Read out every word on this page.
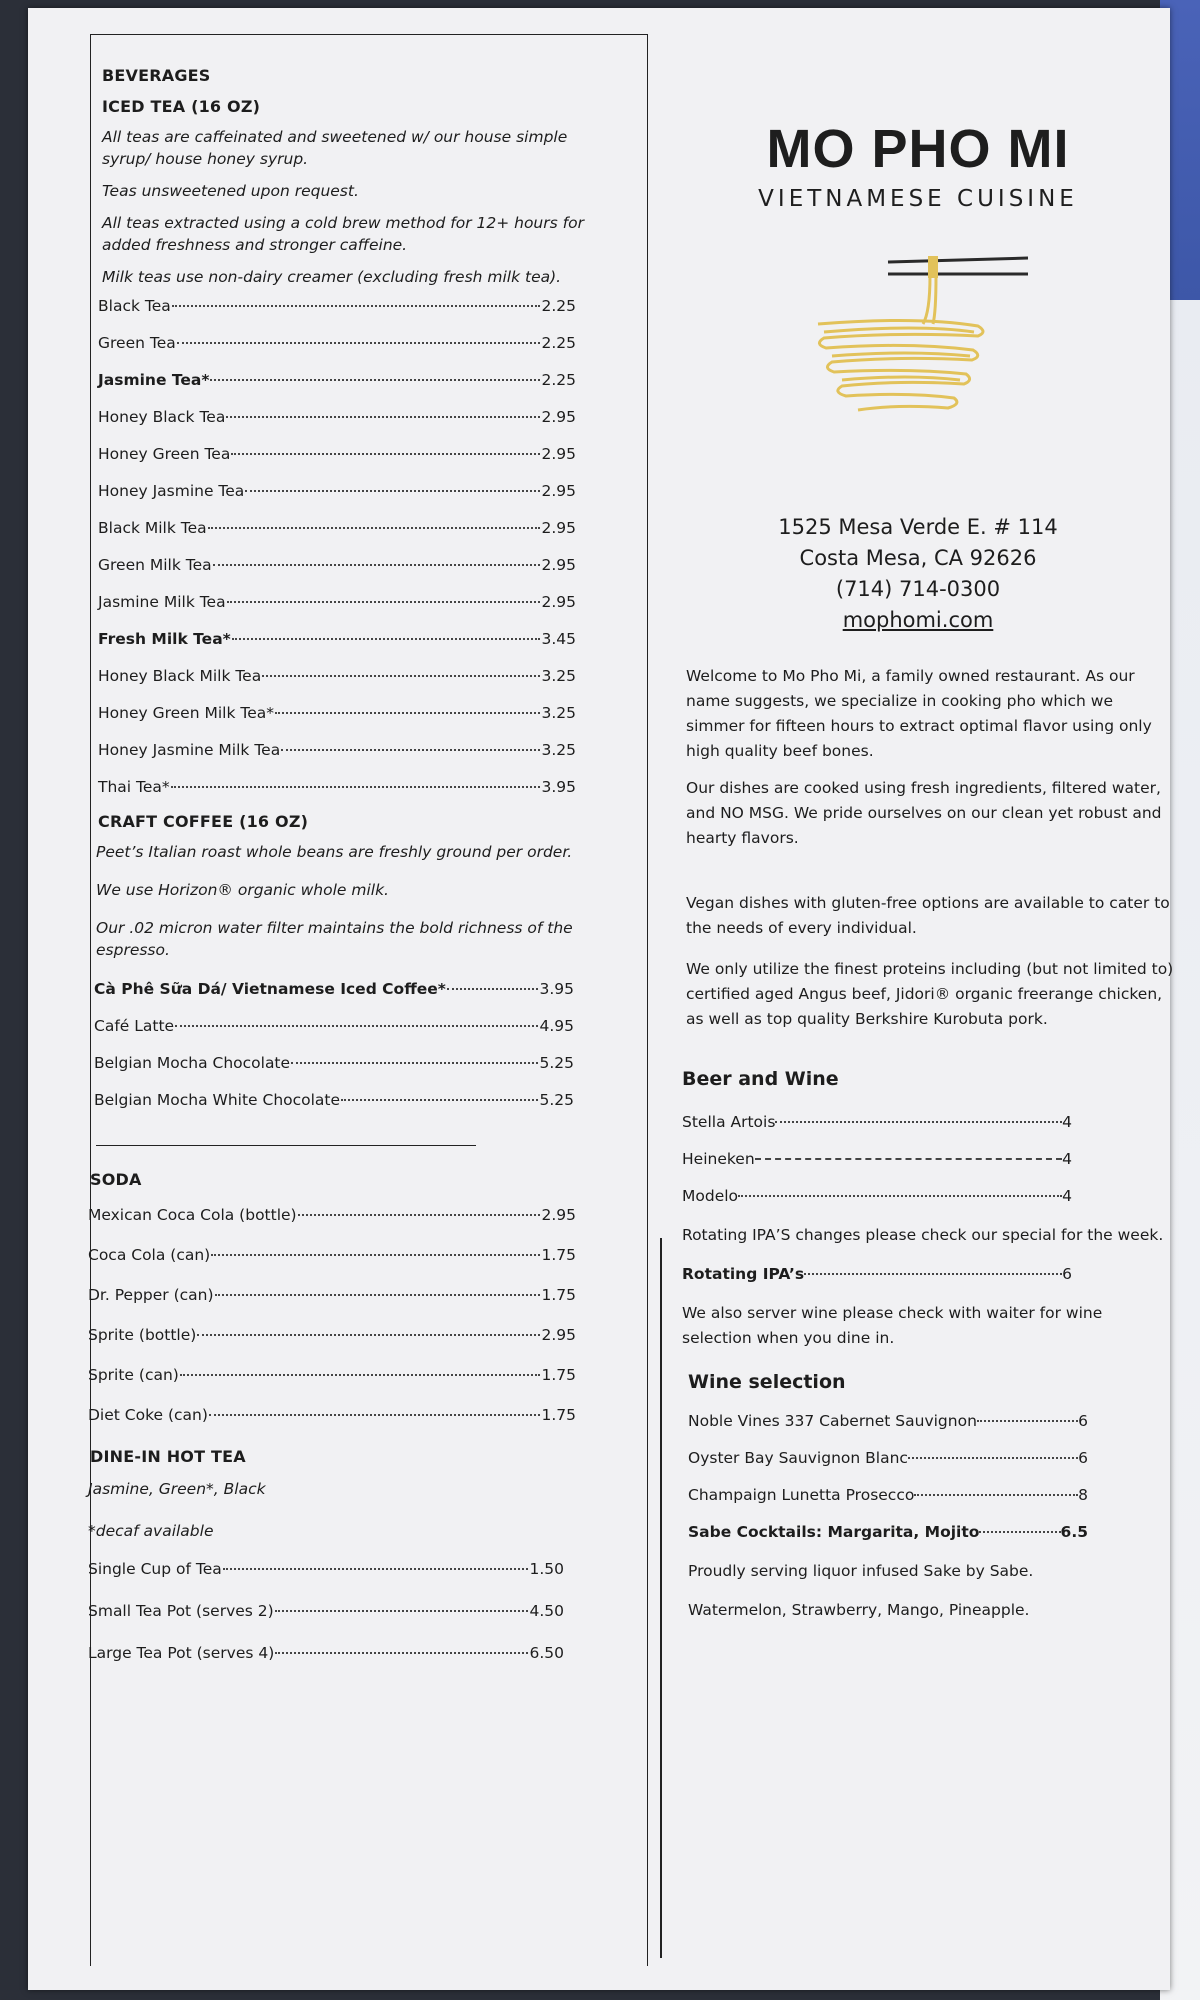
BEVERAGES
ICED TEA (16 OZ)

All teas are caffeinated and sweetened w/ our house simple syrup/ house honey syrup.

Teas unsweetened upon request.

All teas extracted using a cold brew method for 12+ hours for added freshness and stronger caffeine.

Milk teas use non-dairy creamer (excluding fresh milk tea).

Black Tea	2.25
Green Tea	2.25
Jasmine Tea*	2.25
Honey Black Tea	2.95
Honey Green Tea	2.95
Honey Jasmine Tea	2.95
Black Milk Tea	2.95
Green Milk Tea	2.95
Jasmine Milk Tea	2.95
Fresh Milk Tea*	3.45
Honey Black Milk Tea	3.25
Honey Green Milk Tea*	3.25
Honey Jasmine Milk Tea	3.25
Thai Tea*	3.95
CRAFT COFFEE (16 OZ)

Peet’s Italian roast whole beans are freshly ground per order.

We use Horizon® organic whole milk.

Our .02 micron water filter maintains the bold richness of the espresso.

Cà Phê Sữa Dá/ Vietnamese Iced Coffee*	3.95
Café Latte	4.95
Belgian Mocha Chocolate	5.25
Belgian Mocha White Chocolate	5.25
SODA
Mexican Coca Cola (bottle)	2.95
Coca Cola (can)	1.75
Dr. Pepper (can)	1.75
Sprite (bottle)	2.95
Sprite (can)	1.75
Diet Coke (can)	1.75
DINE-IN HOT TEA

Jasmine, Green*, Black

*decaf available

Single Cup of Tea	1.50
Small Tea Pot (serves 2)	4.50
Large Tea Pot (serves 4)	6.50
MO PHO MI
VIETNAMESE CUISINE
1525 Mesa Verde E. # 114
Costa Mesa, CA 92626
(714) 714-0300
mophomi.com

Welcome to Mo Pho Mi, a family owned restaurant. As our name suggests, we specialize in cooking pho which we simmer for fifteen hours to extract optimal flavor using only high quality beef bones.

Our dishes are cooked using fresh ingredients, filtered water, and NO MSG. We pride ourselves on our clean yet robust and hearty flavors.

Vegan dishes with gluten-free options are available to cater to the needs of every individual.

We only utilize the finest proteins including (but not limited to) certified aged Angus beef, Jidori® organic freerange chicken, as well as top quality Berkshire Kurobuta pork.

Beer and Wine
Stella Artois	4
Heineken	4
Modelo	4

Rotating IPA’S changes please check our special for the week.

Rotating IPA’s	6

We also server wine please check with waiter for wine selection when you dine in.

Wine selection
Noble Vines 337 Cabernet Sauvignon	6
Oyster Bay Sauvignon Blanc	6
Champaign Lunetta Prosecco	8
Sabe Cocktails: Margarita, Mojito	6.5

Proudly serving liquor infused Sake by Sabe.

Watermelon, Strawberry, Mango, Pineapple.
